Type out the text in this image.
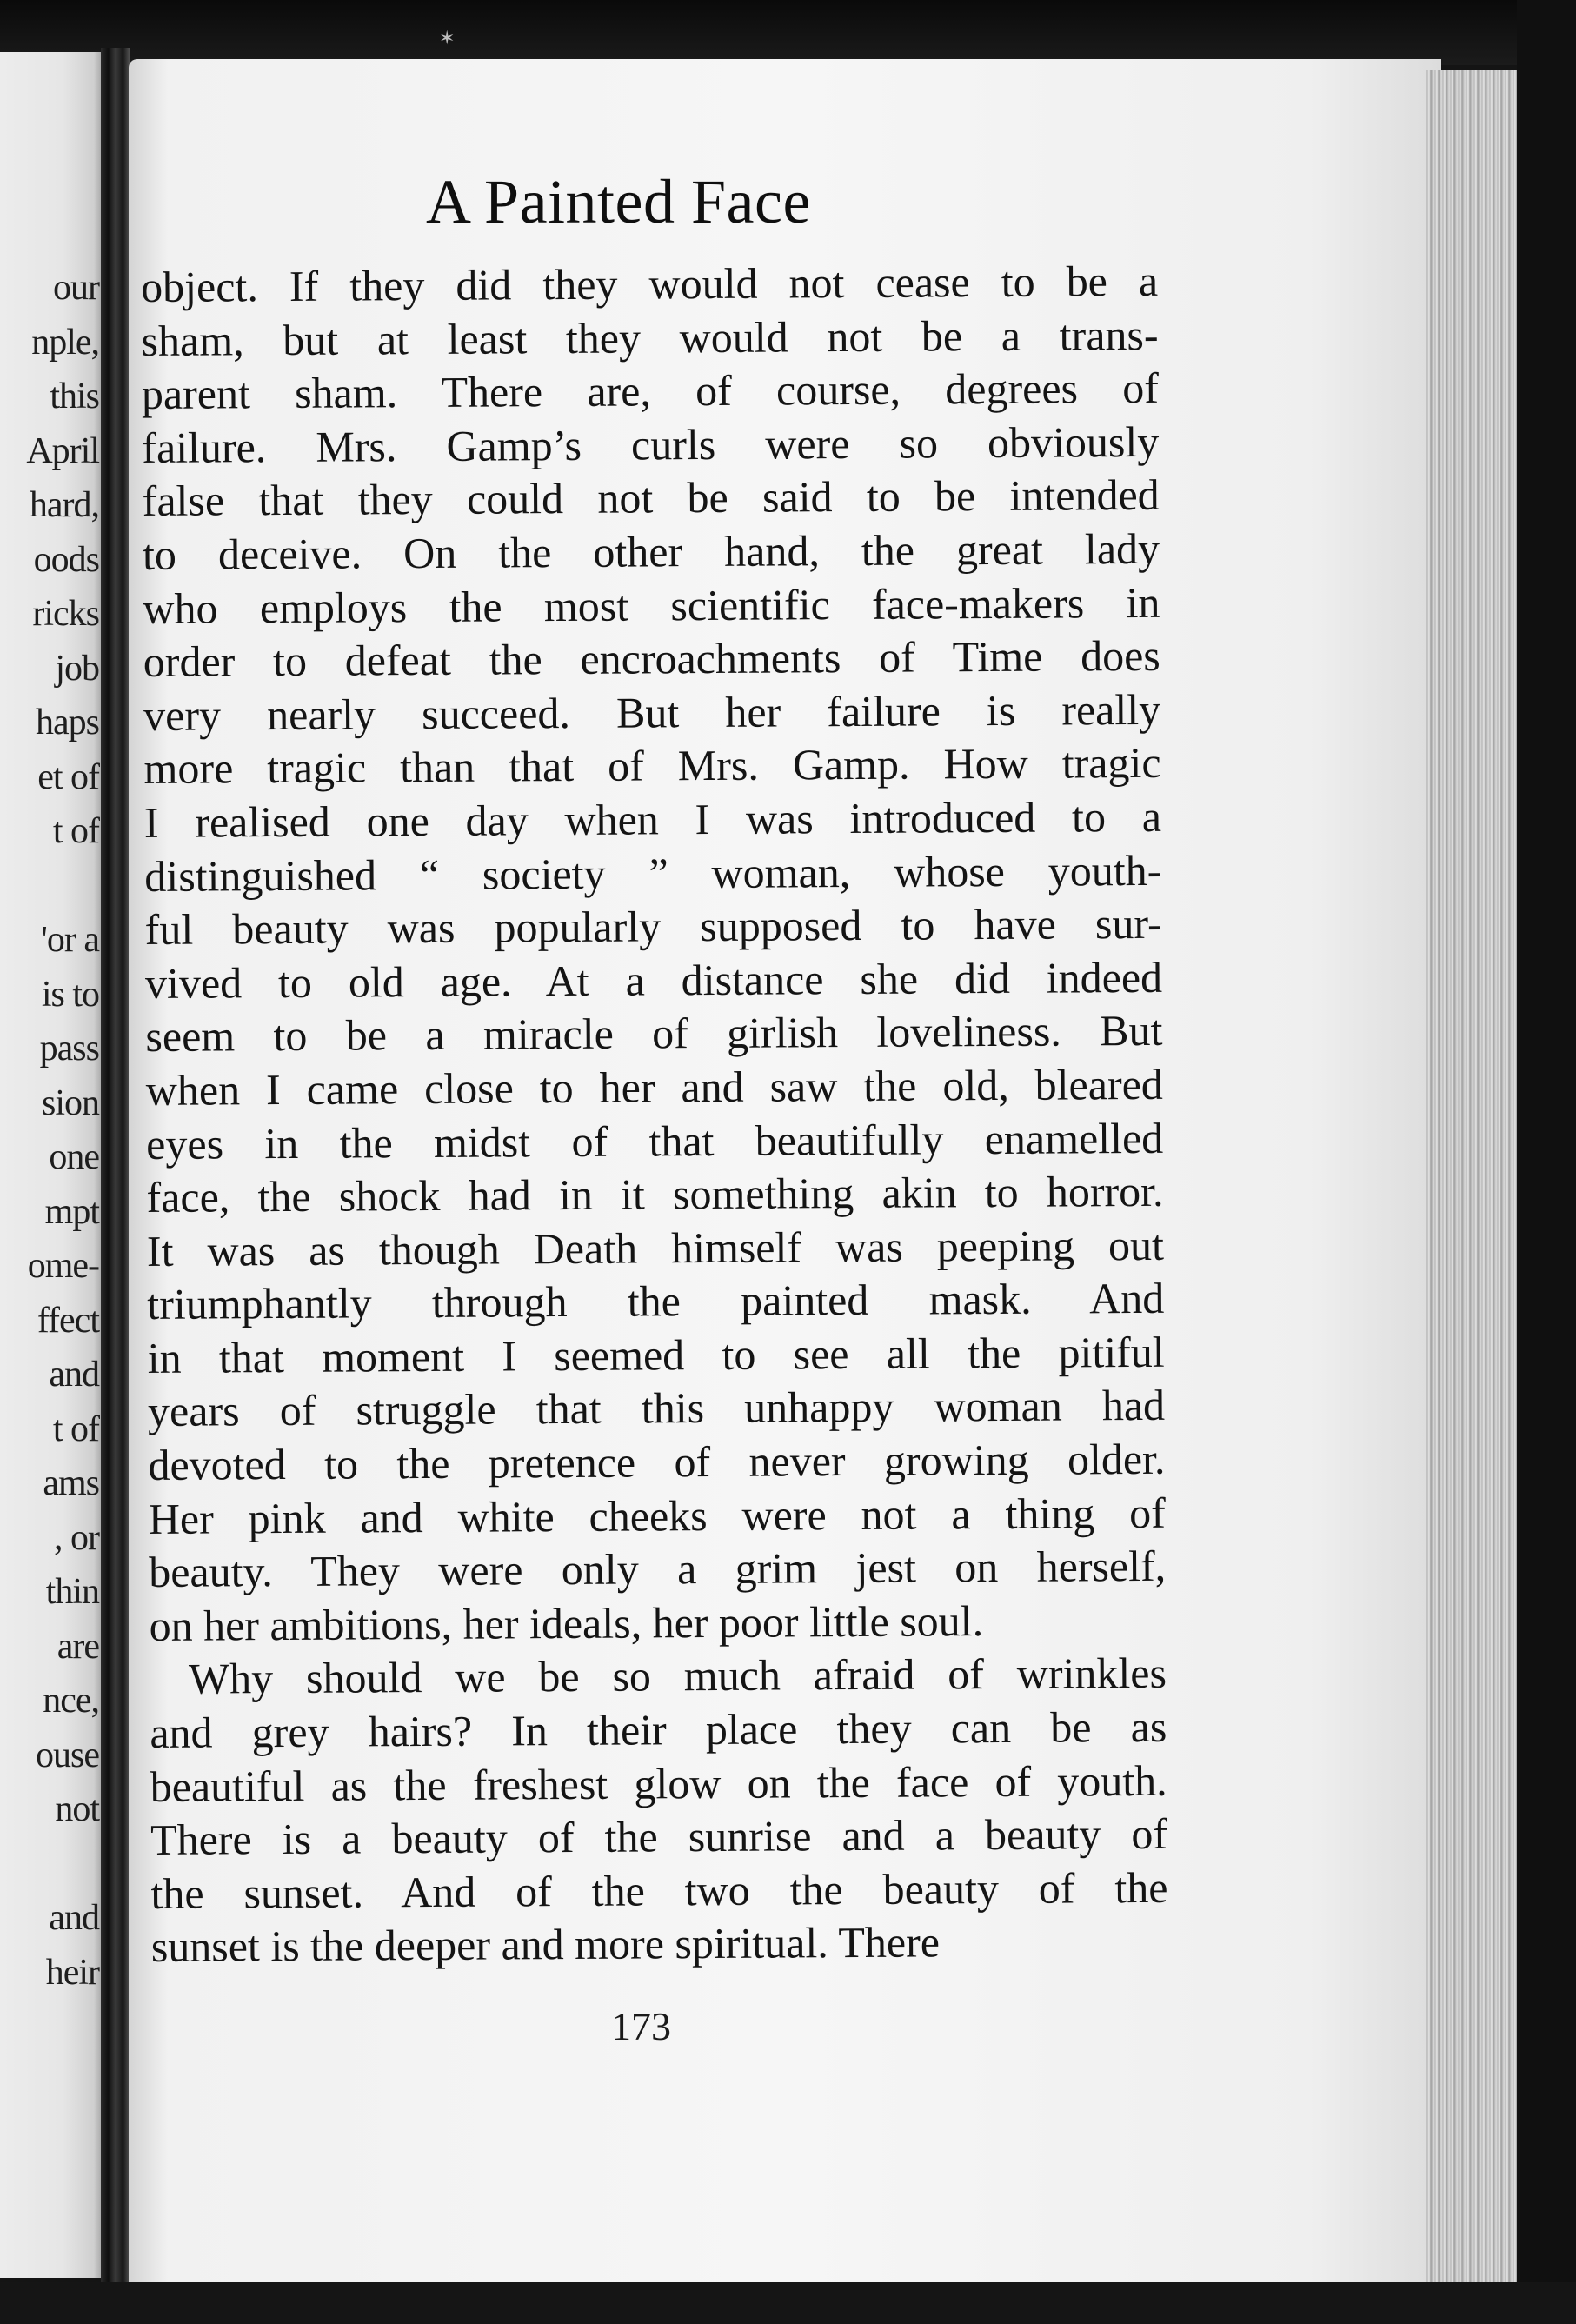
✶
our
nple,
this
April
hard,
oods
ricks
job
haps
et of
t of
'or a
is to
pass
sion
one
mpt
ome-
ffect
and
t of
ams
, or
thin
are
nce,
ouse
not
and
heir
A Painted Face
object. If they did they would not cease to be a
sham, but at least they would not be a trans-
parent sham. There are, of course, degrees of
failure. Mrs. Gamp’s curls were so obviously
false that they could not be said to be intended
to deceive. On the other hand, the great lady
who employs the most scientific face-makers in
order to defeat the encroachments of Time does
very nearly succeed. But her failure is really
more tragic than that of Mrs. Gamp. How tragic
I realised one day when I was introduced to a
distinguished “ society ” woman, whose youth-
ful beauty was popularly supposed to have sur-
vived to old age. At a distance she did indeed
seem to be a miracle of girlish loveliness. But
when I came close to her and saw the old, bleared
eyes in the midst of that beautifully enamelled
face, the shock had in it something akin to horror.
It was as though Death himself was peeping out
triumphantly through the painted mask. And
in that moment I seemed to see all the pitiful
years of struggle that this unhappy woman had
devoted to the pretence of never growing older.
Her pink and white cheeks were not a thing of
beauty. They were only a grim jest on herself,
on her ambitions, her ideals, her poor little soul.
Why should we be so much afraid of wrinkles
and grey hairs? In their place they can be as
beautiful as the freshest glow on the face of youth.
There is a beauty of the sunrise and a beauty of
the sunset. And of the two the beauty of the
sunset is the deeper and more spiritual. There
173
